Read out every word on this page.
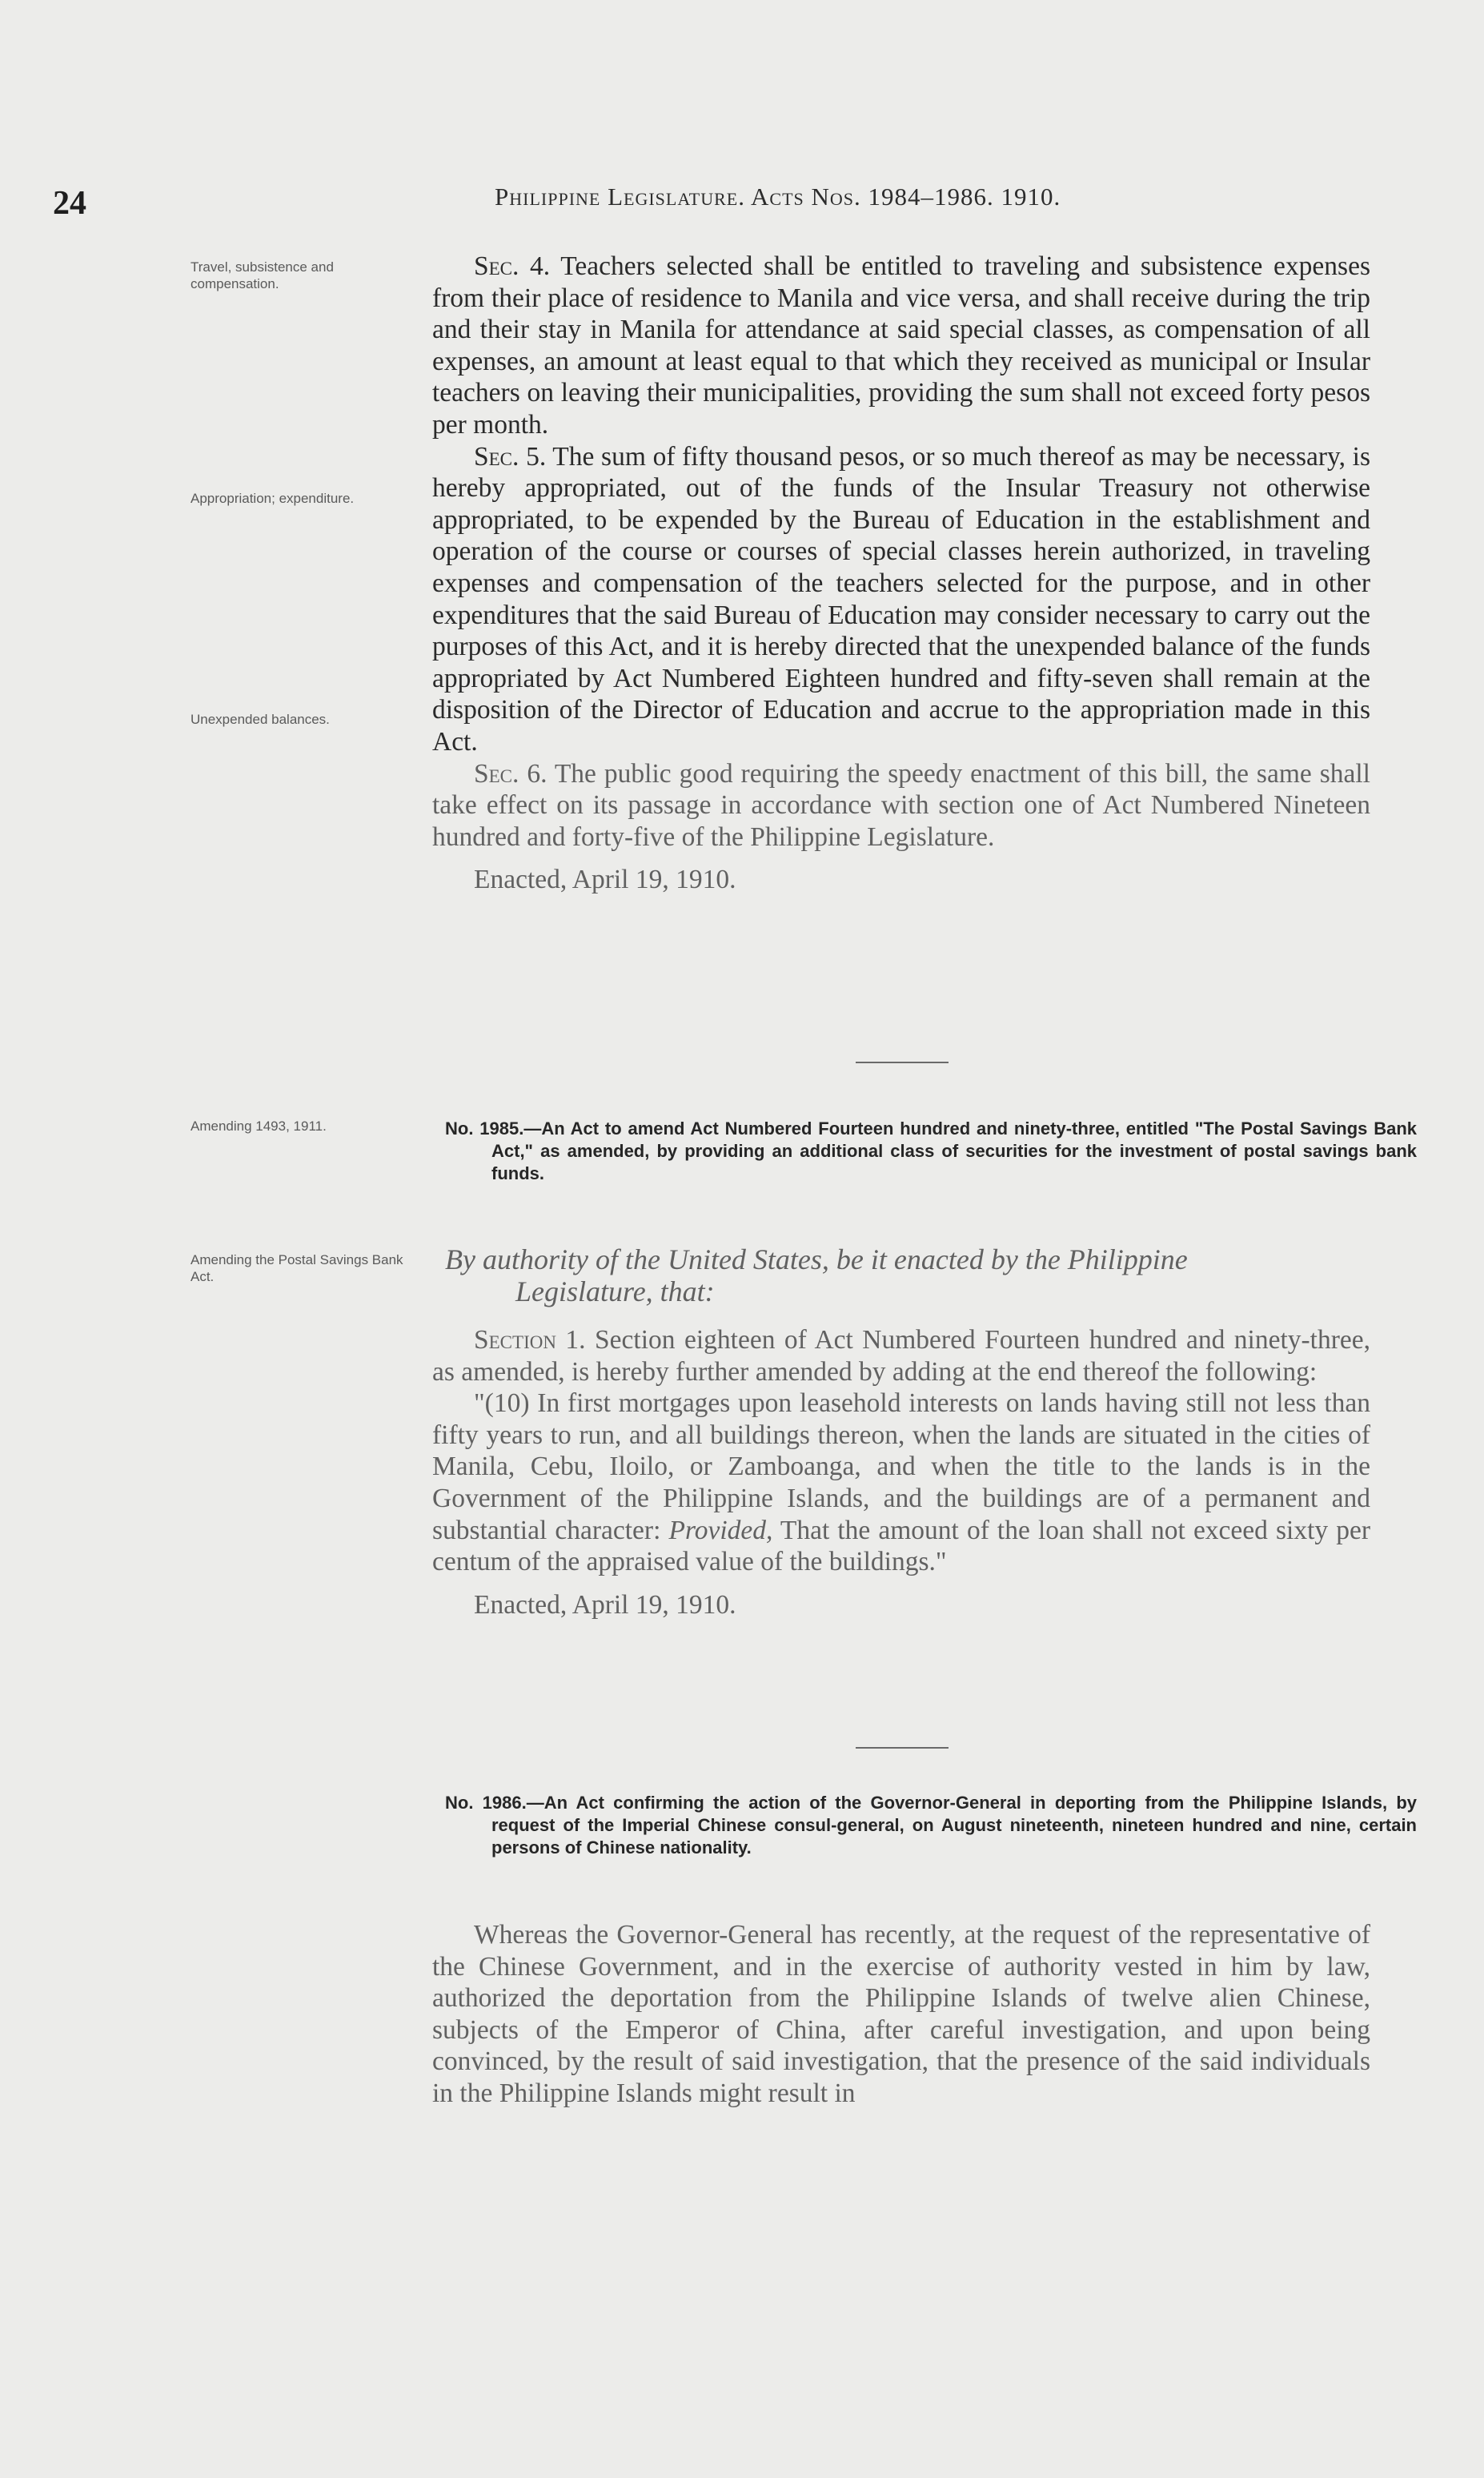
24	Philippine Legislature. Acts Nos. 1984–1986. 1910.
Travel, subsistence and compensation.
Appropriation; expenditure.
Unexpended balances.
Amending 1493, 1911.
Amending the Postal Savings Bank Act.

Sec. 4. Teachers selected shall be entitled to traveling and subsistence expenses from their place of residence to Manila and vice versa, and shall receive during the trip and their stay in Manila for attendance at said special classes, as compensation of all expenses, an amount at least equal to that which they received as municipal or Insular teachers on leaving their municipalities, providing the sum shall not exceed forty pesos per month.

Sec. 5. The sum of fifty thousand pesos, or so much thereof as may be necessary, is hereby appropriated, out of the funds of the Insular Treasury not otherwise appropriated, to be expended by the Bureau of Education in the establishment and operation of the course or courses of special classes herein authorized, in traveling expenses and compensation of the teachers selected for the purpose, and in other expenditures that the said Bureau of Education may consider necessary to carry out the purposes of this Act, and it is hereby directed that the unexpended balance of the funds appropriated by Act Numbered Eighteen hundred and fifty-seven shall remain at the disposition of the Director of Education and accrue to the appropriation made in this Act.

Sec. 6. The public good requiring the speedy enactment of this bill, the same shall take effect on its passage in accordance with section one of Act Numbered Nineteen hundred and forty-five of the Philippine Legislature.

Enacted, April 19, 1910.

No. 1985.—An Act to amend Act Numbered Fourteen hundred and ninety-three, entitled "The Postal Savings Bank Act," as amended, by providing an additional class of securities for the investment of postal savings bank funds.
By authority of the United States, be it enacted by the Philippine
Legislature, that:

Section 1. Section eighteen of Act Numbered Fourteen hundred and ninety-three, as amended, is hereby further amended by adding at the end thereof the following:

"(10) In first mortgages upon leasehold interests on lands having still not less than fifty years to run, and all buildings thereon, when the lands are situated in the cities of Manila, Cebu, Iloilo, or Zamboanga, and when the title to the lands is in the Government of the Philippine Islands, and the buildings are of a permanent and substantial character: Provided, That the amount of the loan shall not exceed sixty per centum of the appraised value of the buildings."

Enacted, April 19, 1910.

No. 1986.—An Act confirming the action of the Governor-General in deporting from the Philippine Islands, by request of the Imperial Chinese consul-general, on August nineteenth, nineteen hundred and nine, certain persons of Chinese nationality.

Whereas the Governor-General has recently, at the request of the representative of the Chinese Government, and in the exercise of authority vested in him by law, authorized the deportation from the Philippine Islands of twelve alien Chinese, subjects of the Emperor of China, after careful investigation, and upon being convinced, by the result of said investigation, that the presence of the said individuals in the Philippine Islands might result in
